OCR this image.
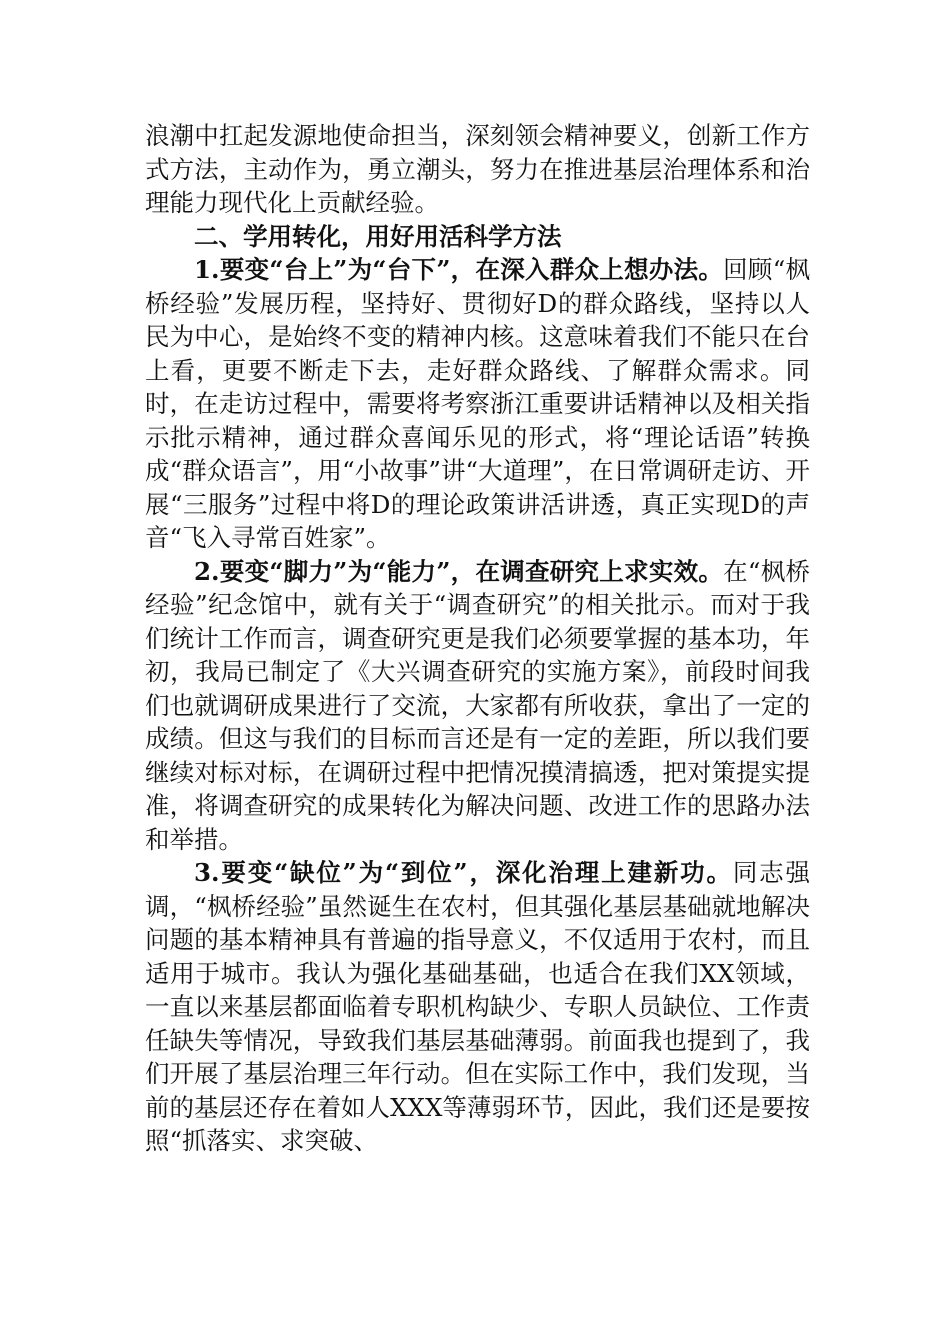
浪潮中扛起发源地使命担当，深刻领会精神要义，创新工作方式方法，主动作为，勇立潮头，努力在推进基层治理体系和治理能力现代化上贡献经验。

二、学用转化，用好用活科学方法

1.要变“台上”为“台下”，在深入群众上想办法。回顾“枫桥经验”发展历程，坚持好、贯彻好D的群众路线，坚持以人民为中心，是始终不变的精神内核。这意味着我们不能只在台上看，更要不断走下去，走好群众路线、了解群众需求。同时，在走访过程中，需要将考察浙江重要讲话精神以及相关指示批示精神，通过群众喜闻乐见的形式，将“理论话语”转换成“群众语言”，用“小故事”讲“大道理”，在日常调研走访、开展“三服务”过程中将D的理论政策讲活讲透，真正实现D的声音“飞入寻常百姓家”。

2.要变“脚力”为“能力”，在调查研究上求实效。在“枫桥经验”纪念馆中，就有关于“调查研究”的相关批示。而对于我们统计工作而言，调查研究更是我们必须要掌握的基本功，年初，我局已制定了《大兴调查研究的实施方案》，前段时间我们也就调研成果进行了交流，大家都有所收获，拿出了一定的成绩。但这与我们的目标而言还是有一定的差距，所以我们要继续对标对标，在调研过程中把情况摸清搞透，把对策提实提准，将调查研究的成果转化为解决问题、改进工作的思路办法和举措。

3.要变“缺位”为“到位”，深化治理上建新功。同志强调，“枫桥经验”虽然诞生在农村，但其强化基层基础就地解决问题的基本精神具有普遍的指导意义，不仅适用于农村，而且适用于城市。我认为强化基础基础，也适合在我们XX领域，一直以来基层都面临着专职机构缺少、专职人员缺位、工作责任缺失等情况，导致我们基层基础薄弱。前面我也提到了，我们开展了基层治理三年行动。但在实际工作中，我们发现，当前的基层还存在着如人XXX等薄弱环节，因此，我们还是要按照“抓落实、求突破、
